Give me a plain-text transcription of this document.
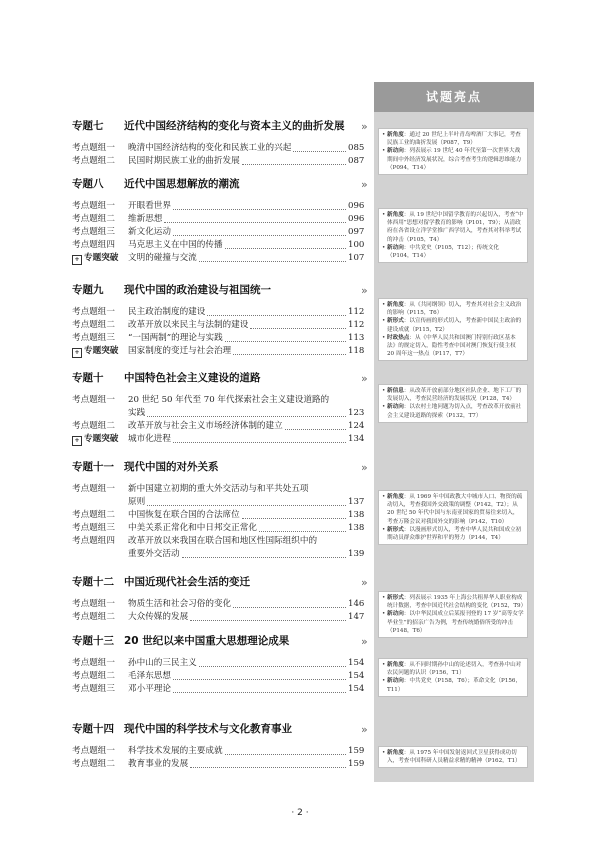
试题亮点
专题七	近代中国经济结构的变化与资本主义的曲折发展
考点题组一	晚清中国经济结构的变化和民族工业的兴起	085
考点题组二	民国时期民族工业的曲折发展	087
专题八	近代中国思想解放的潮流
考点题组一	开眼看世界	096
考点题组二	维新思想	096
考点题组三	新文化运动	097
考点题组四	马克思主义在中国的传播	100
+ 专题突破	文明的碰撞与交流	107
专题九	现代中国的政治建设与祖国统一
考点题组一	民主政治制度的建设	112
考点题组二	改革开放以来民主与法制的建设	112
考点题组三	“一国两制”的理论与实践	113
+ 专题突破	国家制度的变迁与社会治理	118
专题十	中国特色社会主义建设的道路
考点题组一	20 世纪 50 年代至 70 年代探索社会主义建设道路的
实践	123
考点题组二	改革开放与社会主义市场经济体制的建立	124
+ 专题突破	城市化进程	134
专题十一 现代中国的对外关系
考点题组一	新中国建立初期的重大外交活动与和平共处五项
原则	137
考点题组二	中国恢复在联合国的合法席位	138
考点题组三	中美关系正常化和中日邦交正常化	138
考点题组四	改革开放以来我国在联合国和地区性国际组织中的
重要外交活动	139
专题十二 中国近现代社会生活的变迁
考点题组一	物质生活和社会习俗的变化	146
考点题组二	大众传媒的发展	147
专题十三 20 世纪以来中国重大思想理论成果
考点题组一	孙中山的三民主义	154
考点题组二	毛泽东思想	154
考点题组三	邓小平理论	154
专题十四 现代中国的科学技术与文化教育事业
考点题组一	科学技术发展的主要成就	159
考点题组二	教育事业的发展	159
»
»
»
»
»
»
»
»
• 新角度：通过 20 世纪上半叶青岛啤酒厂大事记，考查民族工业的曲折发展（P087，T9）
• 新动向：列表展示 19 世纪 40 年代至第一次世界大战期间中外经济发展状况，综合考查考生的逻辑思维能力（P094，T14）
• 新角度：从 19 世纪中国留学教育的兴起切入，考查“中体西用”思想对留学教育的影响（P101，T9）；从清政府在各省设立洋学堂推广西学切入，考查其对科举考试的冲击（P105，T4）
• 新动向：中共党史（P105，T12）；传统文化（P104，T14）
• 新角度：从《共同纲领》切入，考查其对社会主义政治的影响（P115，T6）
• 新形式：以宣传画的形式切入，考查新中国民主政治的建设成就（P115，T2）
• 时政热点：从《中华人民共和国澳门特别行政区基本法》的规定切入，隐性考查中国对澳门恢复行使主权 20 周年这一热点（P117，T7）
• 新信息：从改革开放前部分地区社队企业、地下工厂的发展切入，考查民营经济的发展状况（P128，T4）
• 新动向：以农村土地问题为切入点，考查改革开放前社会主义建设道路的探索（P132，T7）
• 新角度：从 1969 年中国政教大中城市人口、物资的疏动切入，考查我国外交政策的调整（P142，T2）；从 20 世纪 50 年代中国与东南亚国家的贸易往来切入，考查万隆会议对我国外交的影响（P142，T10）
• 新形式：以漫画形式切入，考查中华人民共和国成立初期动员群众维护世界和平的努力（P144，T4）
• 新形式：列表展示 1935 年上海公共租界华人职业构成统计数据，考查中国近代社会结构的变化（P152，T9）
• 新动向：以中华民国成立后某报刊登的 17 岁“高等女学毕业生”的招亲广告为例，考查传统婚俗所受的冲击（P148，T6）
• 新角度：从不同时期孙中山的论述切入，考查孙中山对农民问题的认识（P156，T1）
• 新动向：中共党史（P158，T6）；革命文化（P156，T11）
• 新角度：从 1975 年中国发射返回式卫星获得成功切入，考查中国科研人员精益求精的精神（P162，T1）
· 2 ·
